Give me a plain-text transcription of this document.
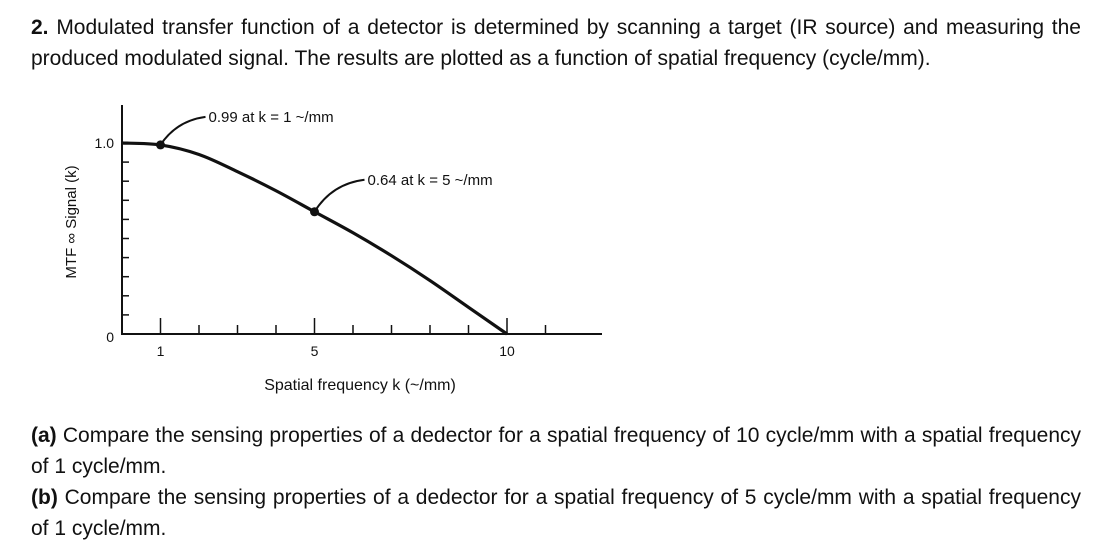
2. Modulated transfer function of a detector is determined by scanning a target (IR source) and measuring the produced modulated signal. The results are plotted as a function of spatial frequency (cycle/mm).

1	5	10
0
1.0
0.99 at k = 1 ~/mm
0.64 at k = 5 ~/mm
Spatial frequency k (~/mm)
MTF ∞ Signal (k)

(a) Compare the sensing properties of a dedector for a spatial frequency of 10 cycle/mm with a spatial frequency of 1 cycle/mm.

(b) Compare the sensing properties of a dedector for a spatial frequency of 5 cycle/mm with a spatial frequency of 1 cycle/mm.
